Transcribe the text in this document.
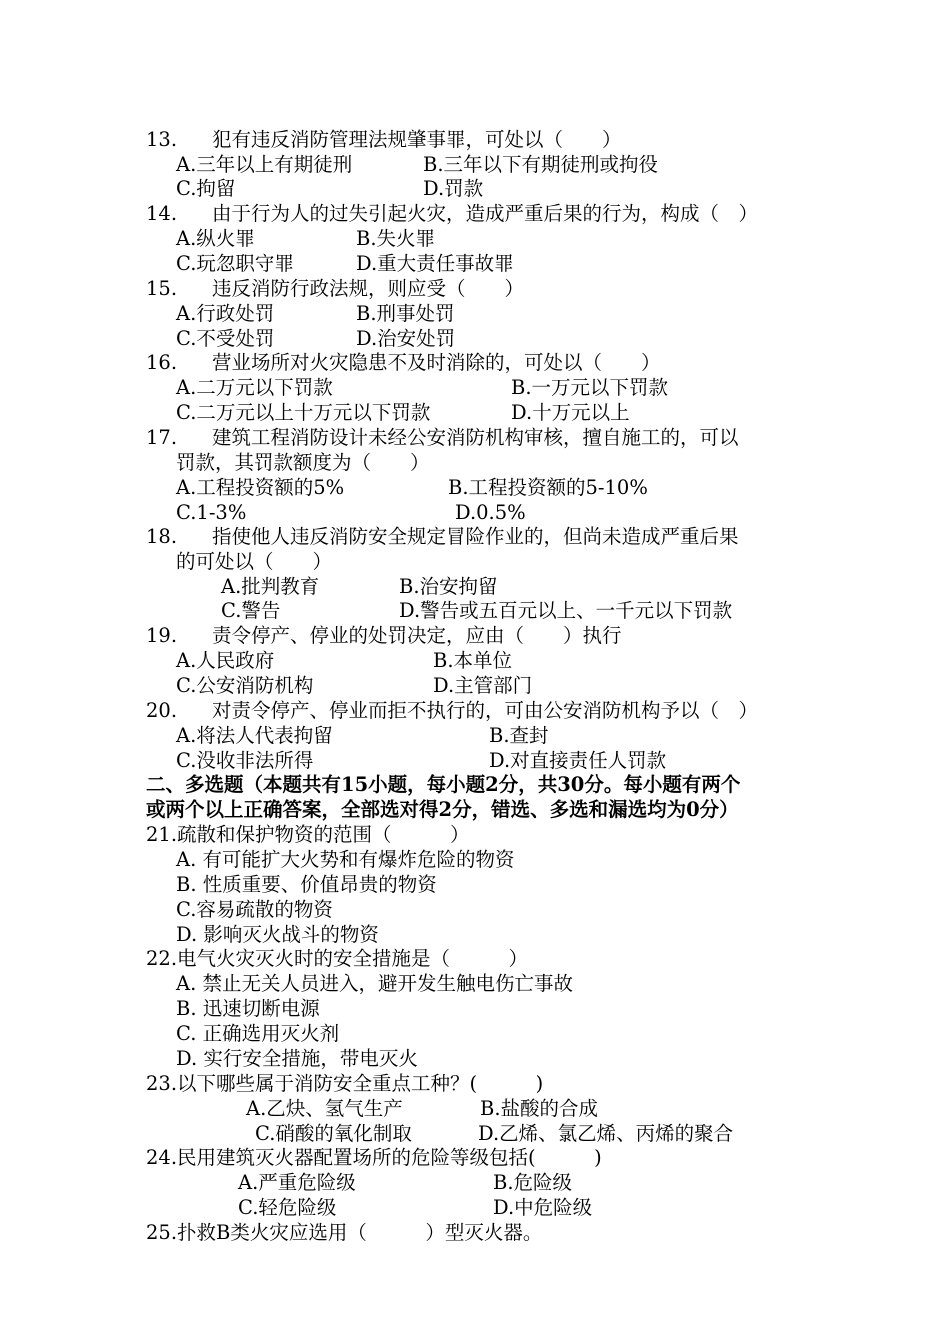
13. 犯有违反消防管理法规肇事罪，可处以（　　）
A.三年以上有期徒刑	B.三年以下有期徒刑或拘役
C.拘留	D.罚款
14. 由于行为人的过失引起火灾，造成严重后果的行为，构成（　）
A.纵火罪	B.失火罪
C.玩忽职守罪	D.重大责任事故罪
15. 违反消防行政法规，则应受（　　）
A.行政处罚	B.刑事处罚
C.不受处罚	D.治安处罚
16. 营业场所对火灾隐患不及时消除的，可处以（　　）
A.二万元以下罚款	B.一万元以下罚款
C.二万元以上十万元以下罚款	D.十万元以上
17. 建筑工程消防设计未经公安消防机构审核，擅自施工的，可以
罚款，其罚款额度为（　　）
A.工程投资额的5%	B.工程投资额的5-10%
C.1-3%	D.0.5%
18. 指使他人违反消防安全规定冒险作业的，但尚未造成严重后果
的可处以（　　）
A.批判教育	B.治安拘留
C.警告	D.警告或五百元以上、一千元以下罚款
19. 责令停产、停业的处罚决定，应由（　　）执行
A.人民政府	B.本单位
C.公安消防机构	D.主管部门
20. 对责令停产、停业而拒不执行的，可由公安消防机构予以（　）
A.将法人代表拘留	B.查封
C.没收非法所得	D.对直接责任人罚款
二、多选题（本题共有15小题，每小题2分，共30分。每小题有两个
或两个以上正确答案，全部选对得2分，错选、多选和漏选均为0分）
21.疏散和保护物资的范围（　　　）
A. 有可能扩大火势和有爆炸危险的物资
B. 性质重要、价值昂贵的物资
C.容易疏散的物资
D. 影响灭火战斗的物资
22.电气火灾灭火时的安全措施是（　　　）
A. 禁止无关人员进入，避开发生触电伤亡事故
B. 迅速切断电源
C. 正确选用灭火剂
D. 实行安全措施，带电灭火
23.以下哪些属于消防安全重点工种？(　　　)
A.乙炔、氢气生产	B.盐酸的合成
C.硝酸的氧化制取	D.乙烯、氯乙烯、丙烯的聚合
24.民用建筑灭火器配置场所的危险等级包括(　　　)
A.严重危险级	B.危险级
C.轻危险级	D.中危险级
25.扑救B类火灾应选用（　　　）型灭火器。
